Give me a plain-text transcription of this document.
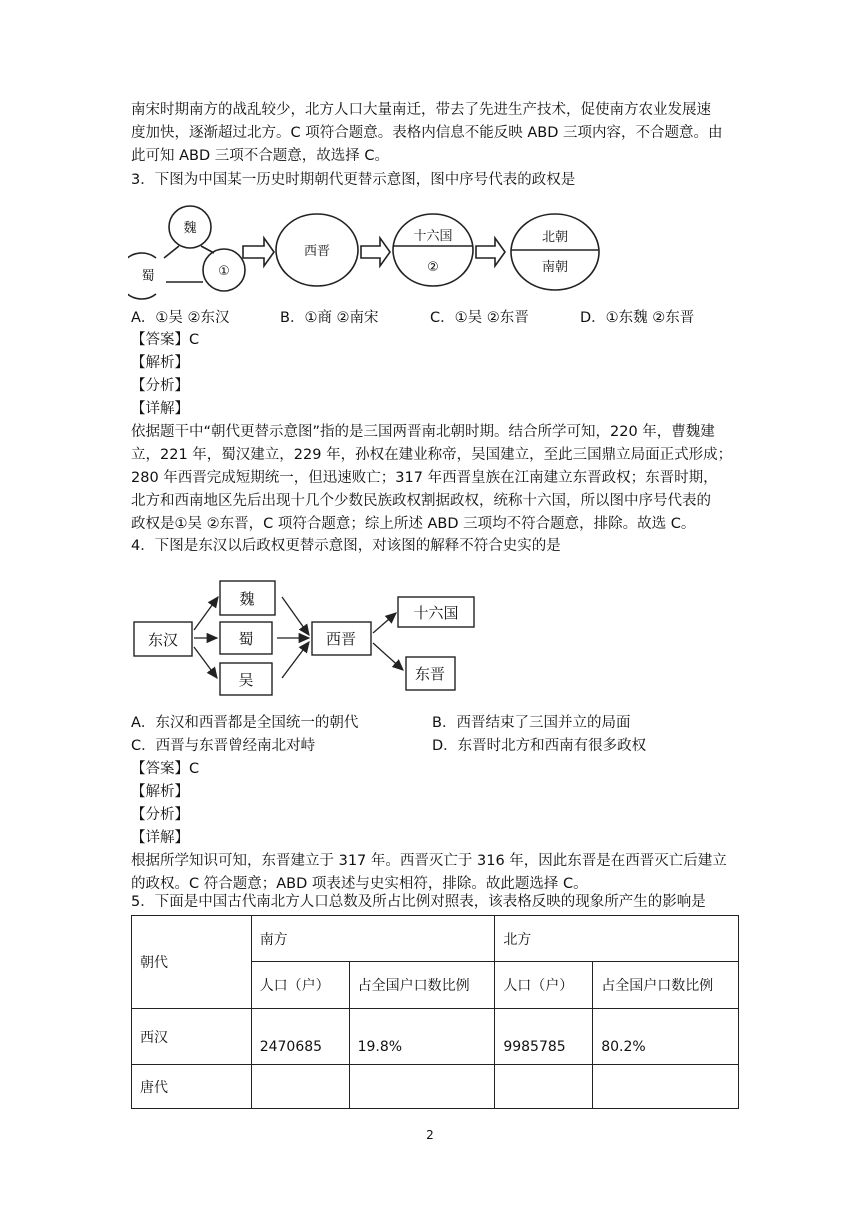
南宋时期南方的战乱较少，北方人口大量南迁，带去了先进生产技术，促使南方农业发展速

度加快，逐渐超过北方。C 项符合题意。表格内信息不能反映 ABD 三项内容，不合题意。由

此可知 ABD 三项不合题意，故选择 C。

3．下图为中国某一历史时期朝代更替示意图，图中序号代表的政权是

魏
蜀	①
西晋
十六国
②
北朝
南朝
A．①吴 ②东汉	B．①商 ②南宋	C．①吴 ②东晋	D．①东魏 ②东晋

【答案】C

【解析】

【分析】

【详解】

依据题干中“朝代更替示意图”指的是三国两晋南北朝时期。结合所学可知，220 年，曹魏建

立，221 年，蜀汉建立，229 年，孙权在建业称帝，吴国建立，至此三国鼎立局面正式形成；

280 年西晋完成短期统一，但迅速败亡；317 年西晋皇族在江南建立东晋政权；东晋时期，

北方和西南地区先后出现十几个少数民族政权割据政权，统称十六国，所以图中序号代表的

政权是①吴 ②东晋，C 项符合题意；综上所述 ABD 三项均不符合题意，排除。故选 C。

4．下图是东汉以后政权更替示意图，对该图的解释不符合史实的是

东汉
魏
蜀
吴
西晋
十六国
东晋
A．东汉和西晋都是全国统一的朝代	B．西晋结束了三国并立的局面
C．西晋与东晋曾经南北对峙	D．东晋时北方和西南有很多政权

【答案】C

【解析】

【分析】

【详解】

根据所学知识可知，东晋建立于 317 年。西晋灭亡于 316 年，因此东晋是在西晋灭亡后建立

的政权。C 符合题意；ABD 项表述与史实相符，排除。故此题选择 C。

5．下面是中国古代南北方人口总数及所占比例对照表，该表格反映的现象所产生的影响是

朝代	南方		北方	
	人口（户）	占全国户口数比例	人口（户）	占全国户口数比例
西汉	2470685	19.8%	9985785	80.2%
唐代				
2
